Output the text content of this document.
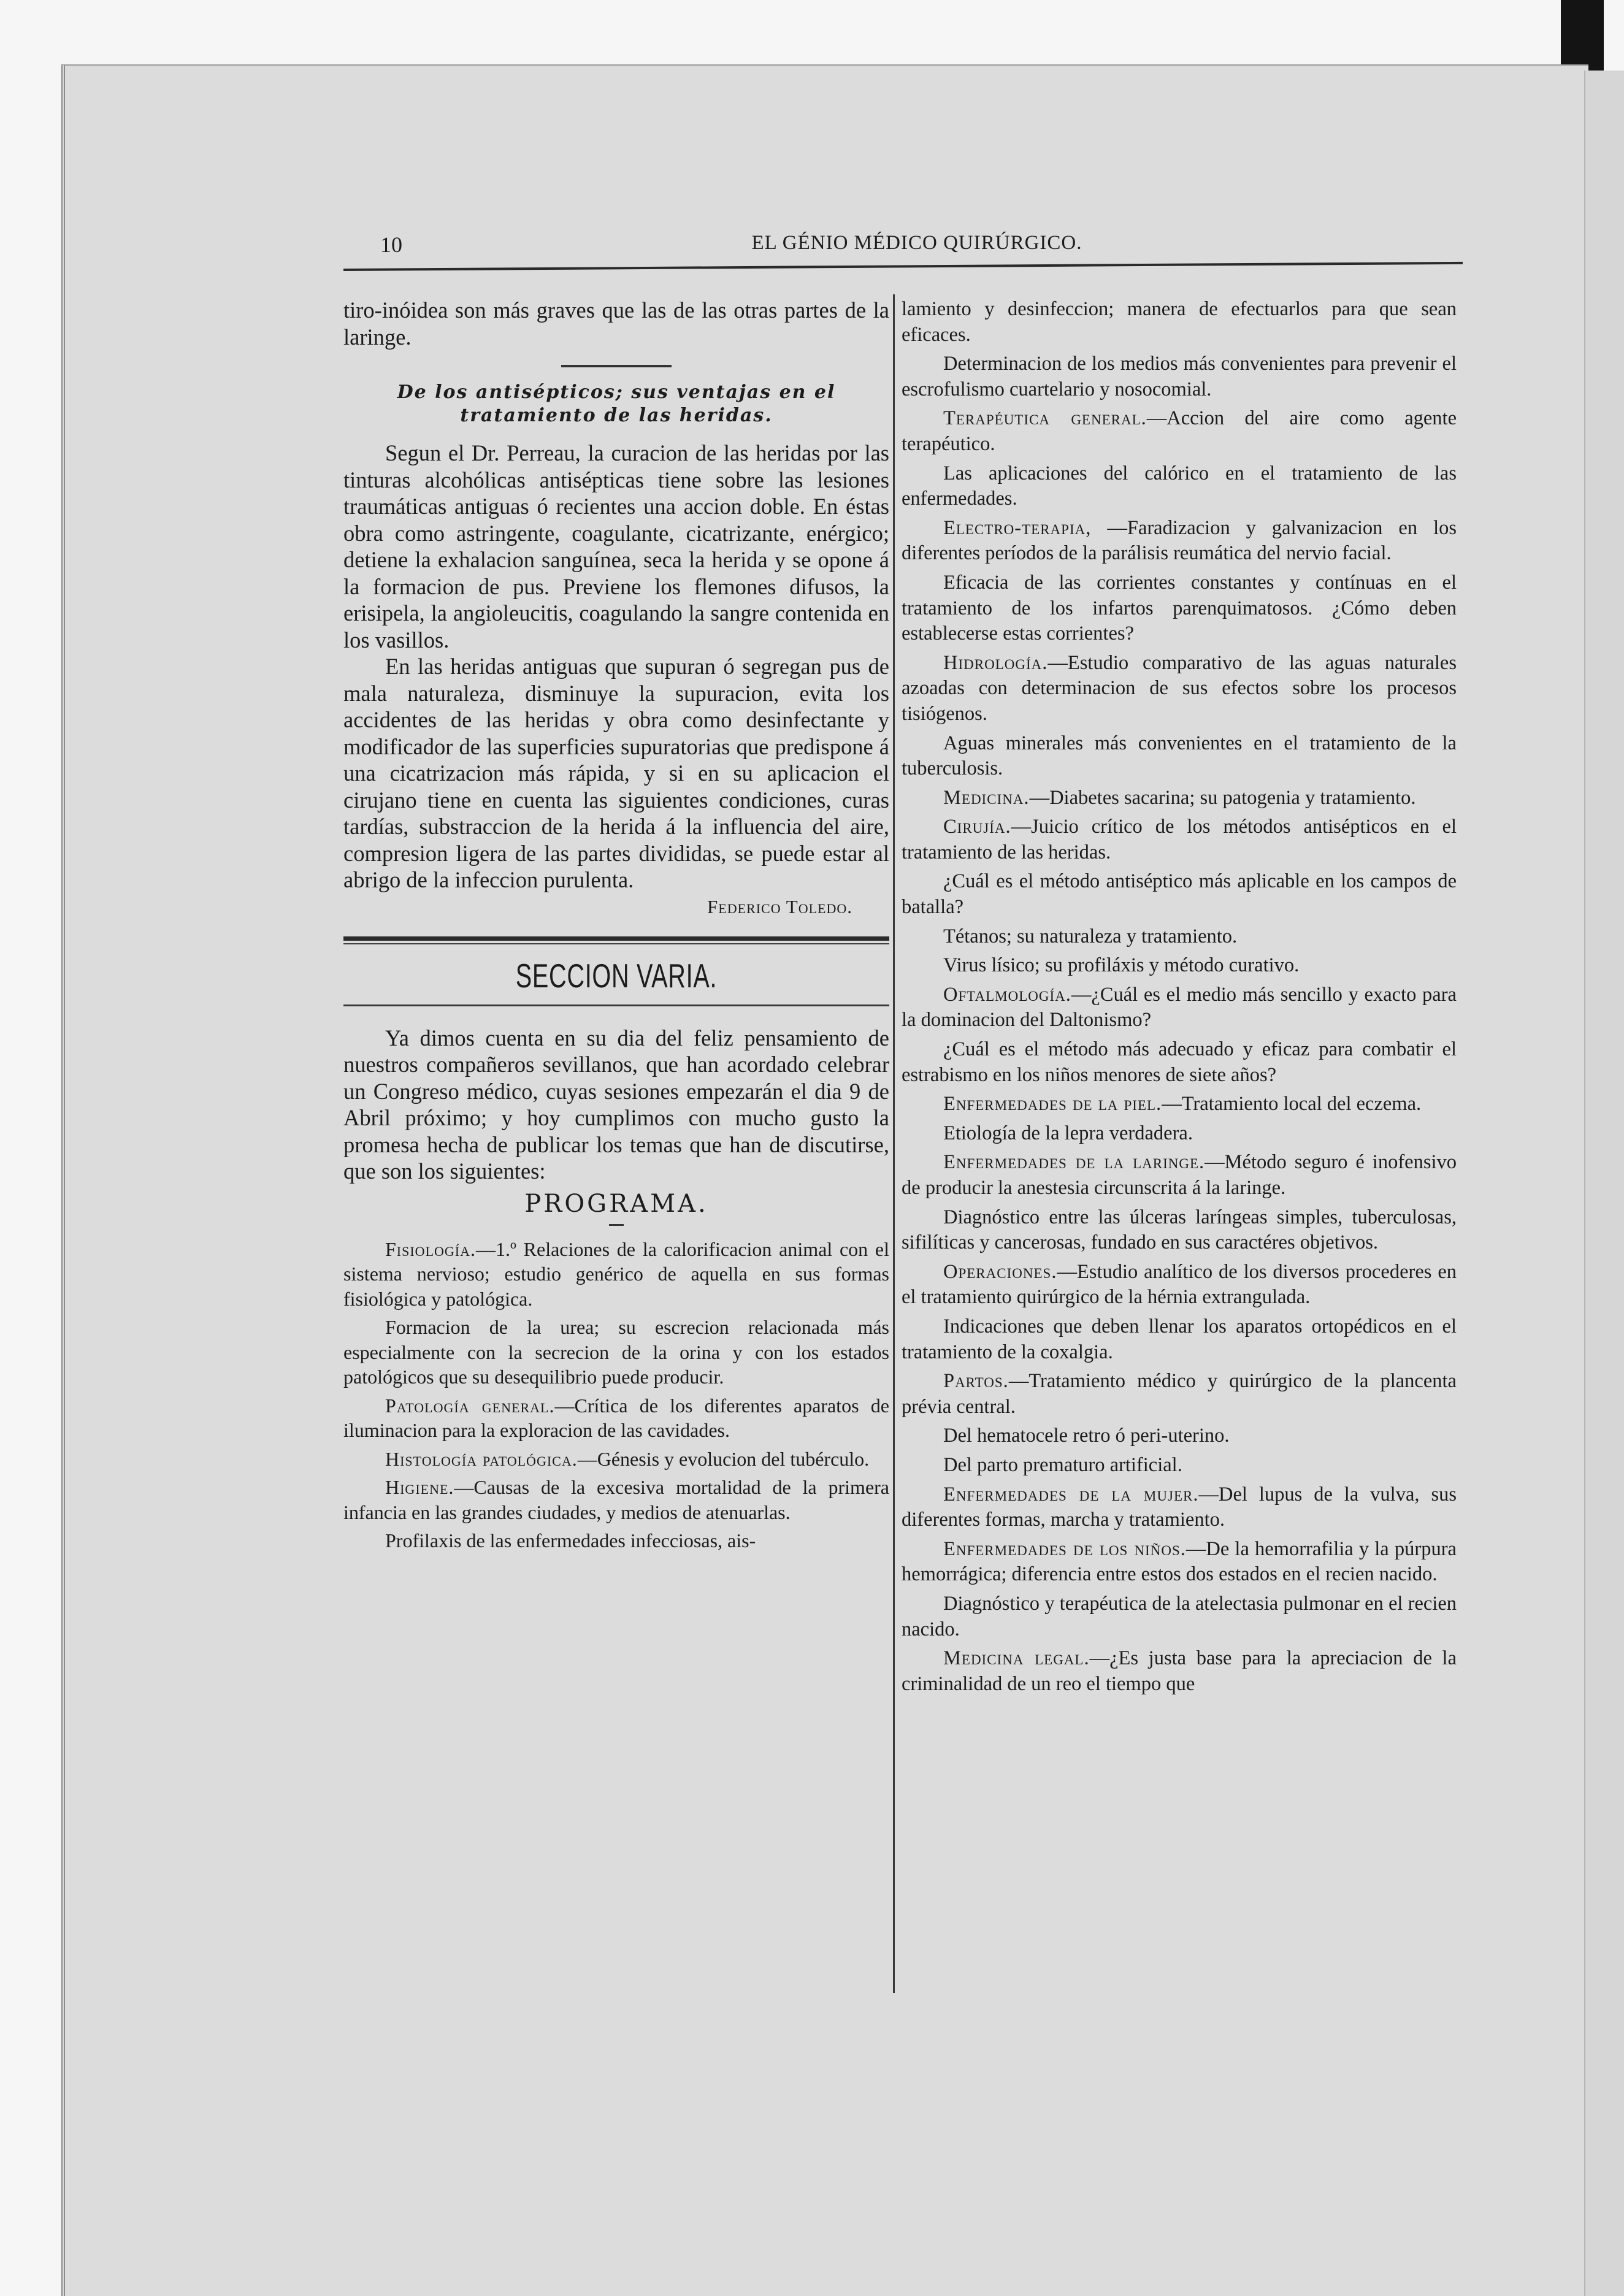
10	EL GÉNIO MÉDICO QUIRÚRGICO.

tiro-inóidea son más graves que las de las otras partes de la laringe.

De los antisépticos; sus ventajas en el tratamiento de las heridas.

Segun el Dr. Perreau, la curacion de las heridas por las tinturas alcohólicas antisépticas tiene sobre las lesiones traumáticas antiguas ó recientes una accion doble. En éstas obra como astringente, coagulante, cicatrizante, enérgico; detiene la exhalacion sanguínea, seca la herida y se opone á la formacion de pus. Previene los flemones difusos, la erisipela, la angioleucitis, coagulando la sangre contenida en los vasillos.

En las heridas antiguas que supuran ó segregan pus de mala naturaleza, disminuye la supuracion, evita los accidentes de las heridas y obra como desinfectante y modificador de las superficies supuratorias que predispone á una cicatrizacion más rápida, y si en su aplicacion el cirujano tiene en cuenta las siguientes condiciones, curas tardías, substraccion de la herida á la influencia del aire, compresion ligera de las partes divididas, se puede estar al abrigo de la infeccion purulenta.

Federico Toledo.
SECCION VARIA.

Ya dimos cuenta en su dia del feliz pensamiento de nuestros compañeros sevillanos, que han acordado celebrar un Congreso médico, cuyas sesiones empezarán el dia 9 de Abril próximo; y hoy cumplimos con mucho gusto la promesa hecha de publicar los temas que han de discutirse, que son los siguientes:

PROGRAMA.

Fisiología.—1.º Relaciones de la calorificacion animal con el sistema nervioso; estudio genérico de aquella en sus formas fisiológica y patológica.

Formacion de la urea; su escrecion relacionada más especialmente con la secrecion de la orina y con los estados patológicos que su desequilibrio puede producir.

Patología general.—Crítica de los diferentes aparatos de iluminacion para la exploracion de las cavidades.

Histología patológica.—Génesis y evolucion del tubérculo.

Higiene.—Causas de la excesiva mortalidad de la primera infancia en las grandes ciudades, y medios de atenuarlas.

Profilaxis de las enfermedades infecciosas, ais-

lamiento y desinfeccion; manera de efectuarlos para que sean eficaces.

Determinacion de los medios más convenientes para prevenir el escrofulismo cuartelario y nosocomial.

Terapéutica general.—Accion del aire como agente terapéutico.

Las aplicaciones del calórico en el tratamiento de las enfermedades.

Electro-terapia, —Faradizacion y galvanizacion en los diferentes períodos de la parálisis reumática del nervio facial.

Eficacia de las corrientes constantes y contínuas en el tratamiento de los infartos parenquimatosos. ¿Cómo deben establecerse estas corrientes?

Hidrología.—Estudio comparativo de las aguas naturales azoadas con determinacion de sus efectos sobre los procesos tisiógenos.

Aguas minerales más convenientes en el tratamiento de la tuberculosis.

Medicina.—Diabetes sacarina; su patogenia y tratamiento.

Cirujía.—Juicio crítico de los métodos antisépticos en el tratamiento de las heridas.

¿Cuál es el método antiséptico más aplicable en los campos de batalla?

Tétanos; su naturaleza y tratamiento.

Virus lísico; su profiláxis y método curativo.

Oftalmología.—¿Cuál es el medio más sencillo y exacto para la dominacion del Daltonismo?

¿Cuál es el método más adecuado y eficaz para combatir el estrabismo en los niños menores de siete años?

Enfermedades de la piel.—Tratamiento local del eczema.

Etiología de la lepra verdadera.

Enfermedades de la laringe.—Método seguro é inofensivo de producir la anestesia circunscrita á la laringe.

Diagnóstico entre las úlceras laríngeas simples, tuberculosas, sifilíticas y cancerosas, fundado en sus caractéres objetivos.

Operaciones.—Estudio analítico de los diversos procederes en el tratamiento quirúrgico de la hérnia extrangulada.

Indicaciones que deben llenar los aparatos ortopédicos en el tratamiento de la coxalgia.

Partos.—Tratamiento médico y quirúrgico de la plancenta prévia central.

Del hematocele retro ó peri-uterino.

Del parto prematuro artificial.

Enfermedades de la mujer.—Del lupus de la vulva, sus diferentes formas, marcha y tratamiento.

Enfermedades de los niños.—De la hemorrafilia y la púrpura hemorrágica; diferencia entre estos dos estados en el recien nacido.

Diagnóstico y terapéutica de la atelectasia pulmonar en el recien nacido.

Medicina legal.—¿Es justa base para la apreciacion de la criminalidad de un reo el tiempo que
